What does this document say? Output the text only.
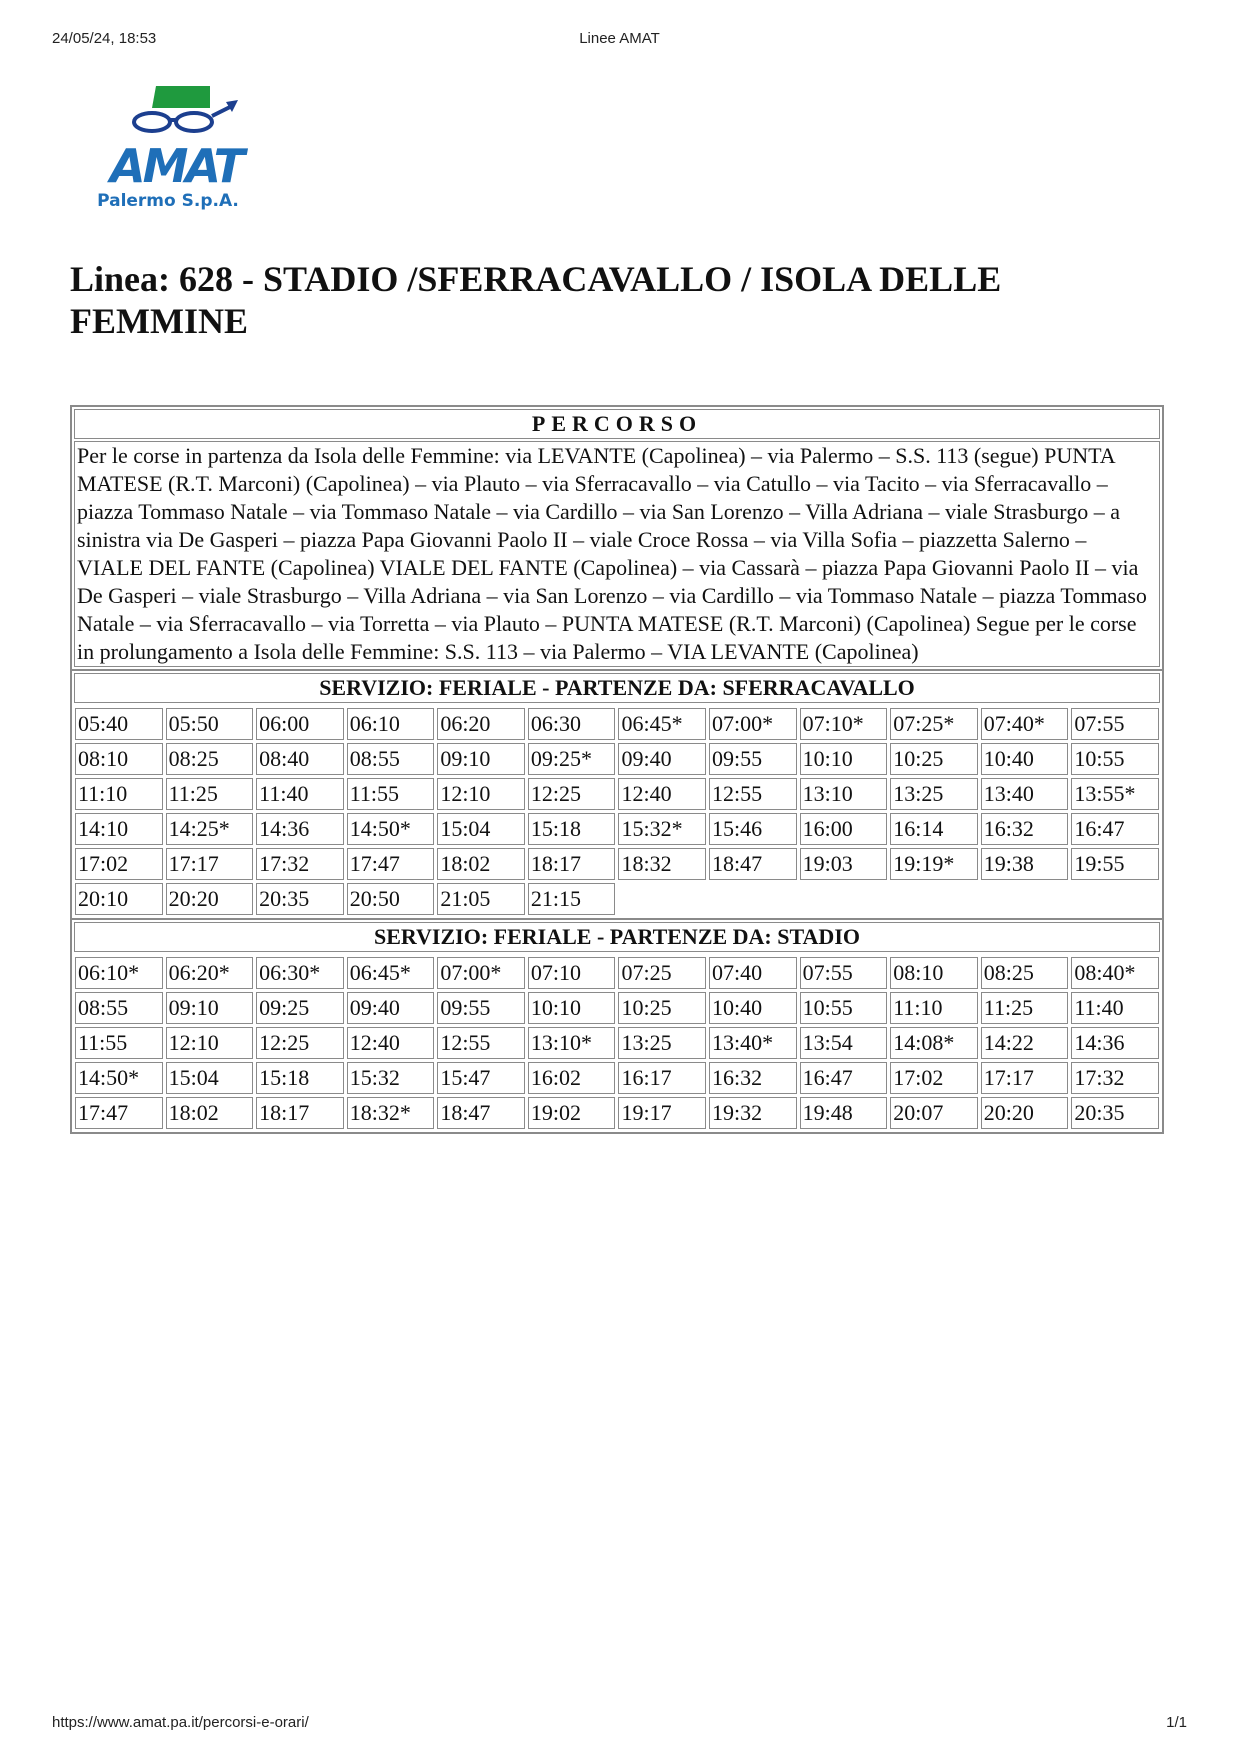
24/05/24, 18:53	Linee AMAT
AMAT
Palermo S.p.A.
Linea: 628 - STADIO /SFERRACAVALLO / ISOLA DELLE FEMMINE
PERCORSO
Per le corse in partenza da Isola delle Femmine: via LEVANTE (Capolinea) – via Palermo – S.S. 113 (segue) PUNTA MATESE (R.T. Marconi) (Capolinea) – via Plauto – via Sferracavallo – via Catullo – via Tacito – via Sferracavallo – piazza Tommaso Natale – via Tommaso Natale – via Cardillo – via San Lorenzo – Villa Adriana – viale Strasburgo – a sinistra via De Gasperi – piazza Papa Giovanni Paolo II – viale Croce Rossa – via Villa Sofia – piazzetta Salerno – VIALE DEL FANTE (Capolinea) VIALE DEL FANTE (Capolinea) – via Cassarà – piazza Papa Giovanni Paolo II – via De Gasperi – viale Strasburgo – Villa Adriana – via San Lorenzo – via Cardillo – via Tommaso Natale – piazza Tommaso Natale – via Sferracavallo – via Torretta – via Plauto – PUNTA MATESE (R.T. Marconi) (Capolinea) Segue per le corse in prolungamento a Isola delle Femmine: S.S. 113 – via Palermo – VIA LEVANTE (Capolinea)
SERVIZIO: FERIALE - PARTENZE DA: SFERRACAVALLO
05:40	05:50	06:00	06:10	06:20	06:30	06:45*	07:00*	07:10*	07:25*	07:40*	07:55
08:10	08:25	08:40	08:55	09:10	09:25*	09:40	09:55	10:10	10:25	10:40	10:55
11:10	11:25	11:40	11:55	12:10	12:25	12:40	12:55	13:10	13:25	13:40	13:55*
14:10	14:25*	14:36	14:50*	15:04	15:18	15:32*	15:46	16:00	16:14	16:32	16:47
17:02	17:17	17:32	17:47	18:02	18:17	18:32	18:47	19:03	19:19*	19:38	19:55
20:10	20:20	20:35	20:50	21:05	21:15						
SERVIZIO: FERIALE - PARTENZE DA: STADIO
06:10*	06:20*	06:30*	06:45*	07:00*	07:10	07:25	07:40	07:55	08:10	08:25	08:40*
08:55	09:10	09:25	09:40	09:55	10:10	10:25	10:40	10:55	11:10	11:25	11:40
11:55	12:10	12:25	12:40	12:55	13:10*	13:25	13:40*	13:54	14:08*	14:22	14:36
14:50*	15:04	15:18	15:32	15:47	16:02	16:17	16:32	16:47	17:02	17:17	17:32
17:47	18:02	18:17	18:32*	18:47	19:02	19:17	19:32	19:48	20:07	20:20	20:35
https://www.amat.pa.it/percorsi-e-orari/	1/1
